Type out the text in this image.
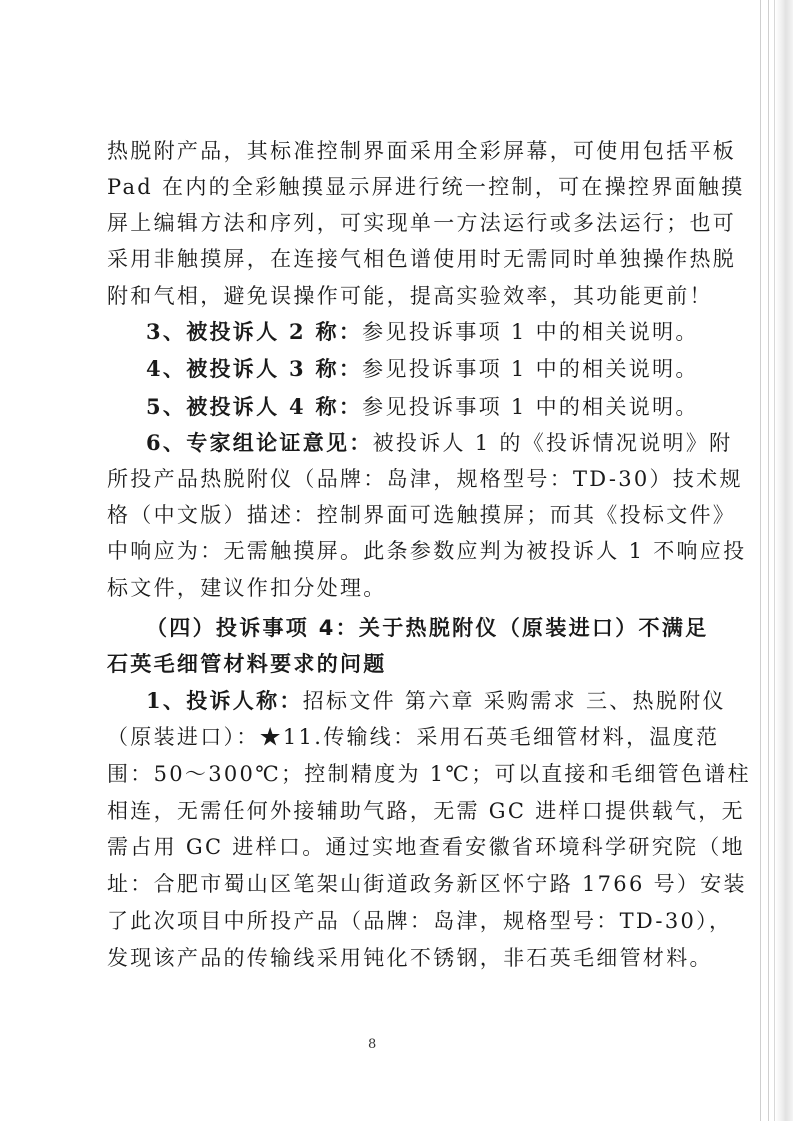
热脱附产品，其标准控制界面采用全彩屏幕，可使用包括平板
Pad 在内的全彩触摸显示屏进行统一控制，可在操控界面触摸
屏上编辑方法和序列，可实现单一方法运行或多法运行；也可
采用非触摸屏，在连接气相色谱使用时无需同时单独操作热脱
附和气相，避免误操作可能，提高实验效率，其功能更前！
3、被投诉人 2 称：参见投诉事项 1 中的相关说明。
4、被投诉人 3 称：参见投诉事项 1 中的相关说明。
5、被投诉人 4 称：参见投诉事项 1 中的相关说明。
6、专家组论证意见：被投诉人 1 的《投诉情况说明》附
所投产品热脱附仪（品牌：岛津，规格型号：TD-30）技术规
格（中文版）描述：控制界面可选触摸屏；而其《投标文件》
中响应为：无需触摸屏。此条参数应判为被投诉人 1 不响应投
标文件，建议作扣分处理。
（四）投诉事项 4：关于热脱附仪（原装进口）不满足
石英毛细管材料要求的问题
1、投诉人称：招标文件 第六章 采购需求 三、热脱附仪
（原装进口）：★11.传输线：采用石英毛细管材料，温度范
围：50～300℃；控制精度为 1℃；可以直接和毛细管色谱柱
相连，无需任何外接辅助气路，无需 GC 进样口提供载气，无
需占用 GC 进样口。通过实地查看安徽省环境科学研究院（地
址：合肥市蜀山区笔架山街道政务新区怀宁路 1766 号）安装
了此次项目中所投产品（品牌：岛津，规格型号：TD-30），
发现该产品的传输线采用钝化不锈钢，非石英毛细管材料。
8
